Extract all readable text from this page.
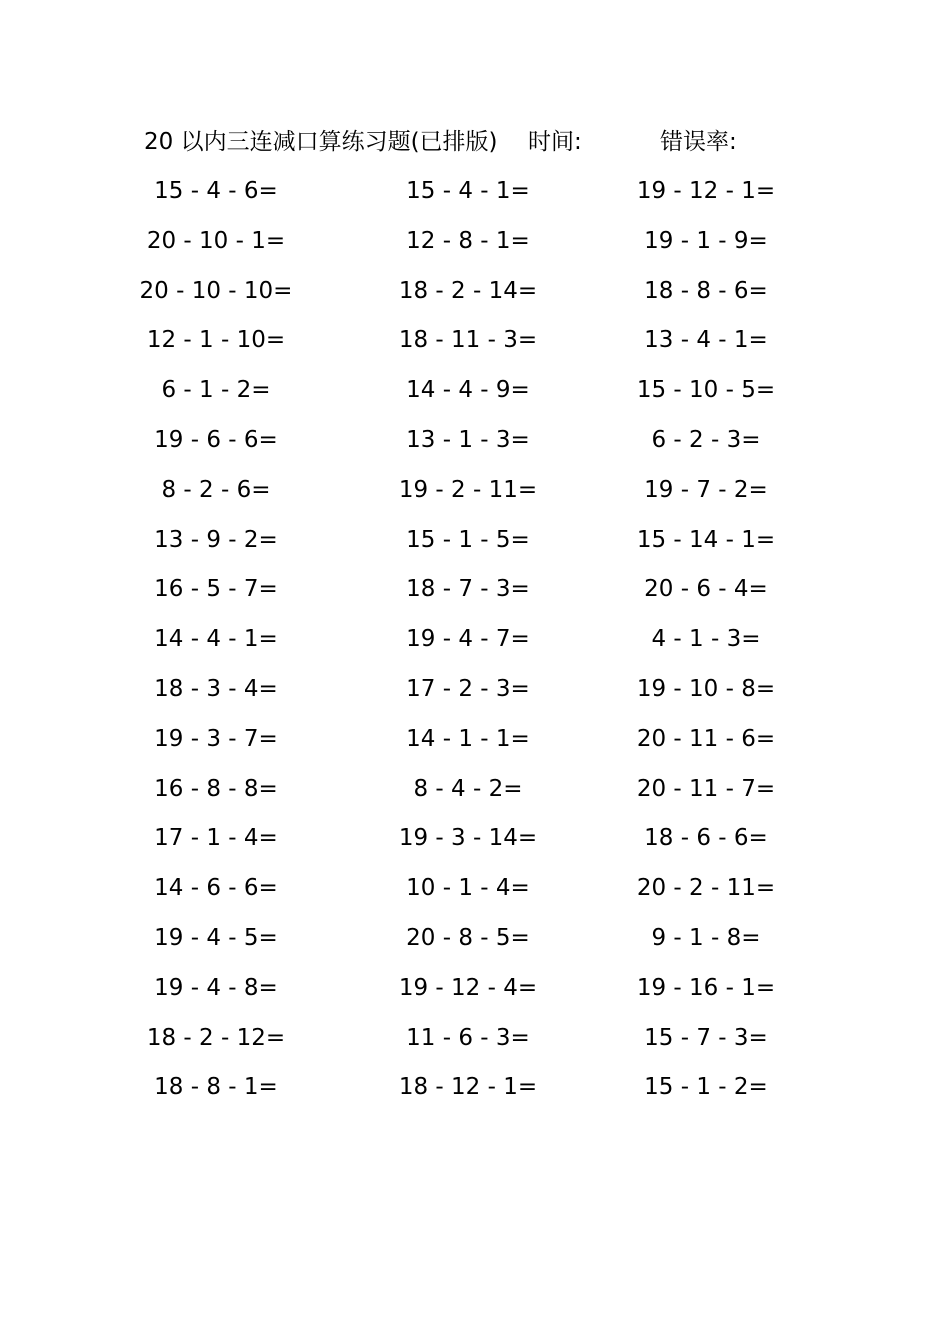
20 以内三连减口算练习题(已排版) 时间:	错误率:
15 - 4 - 6=	15 - 4 - 1=	19 - 12 - 1=
20 - 10 - 1=	12 - 8 - 1=	19 - 1 - 9=
20 - 10 - 10=	18 - 2 - 14=	18 - 8 - 6=
12 - 1 - 10=	18 - 11 - 3=	13 - 4 - 1=
6 - 1 - 2=	14 - 4 - 9=	15 - 10 - 5=
19 - 6 - 6=	13 - 1 - 3=	6 - 2 - 3=
8 - 2 - 6=	19 - 2 - 11=	19 - 7 - 2=
13 - 9 - 2=	15 - 1 - 5=	15 - 14 - 1=
16 - 5 - 7=	18 - 7 - 3=	20 - 6 - 4=
14 - 4 - 1=	19 - 4 - 7=	4 - 1 - 3=
18 - 3 - 4=	17 - 2 - 3=	19 - 10 - 8=
19 - 3 - 7=	14 - 1 - 1=	20 - 11 - 6=
16 - 8 - 8=	8 - 4 - 2=	20 - 11 - 7=
17 - 1 - 4=	19 - 3 - 14=	18 - 6 - 6=
14 - 6 - 6=	10 - 1 - 4=	20 - 2 - 11=
19 - 4 - 5=	20 - 8 - 5=	9 - 1 - 8=
19 - 4 - 8=	19 - 12 - 4=	19 - 16 - 1=
18 - 2 - 12=	11 - 6 - 3=	15 - 7 - 3=
18 - 8 - 1=	18 - 12 - 1=	15 - 1 - 2=
